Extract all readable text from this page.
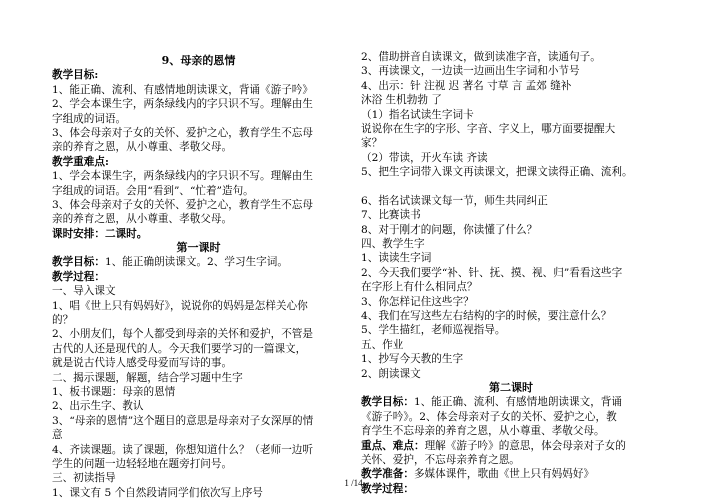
9、母亲的恩情
教学目标:
1、能正确、流利、有感情地朗读课文，背诵《游子吟》
2、学会本课生字，两条绿线内的字只识不写。理解由生
字组成的词语。
3、体会母亲对子女的关怀、爱护之心，教育学生不忘母
亲的养育之恩，从小尊重、孝敬父母。
教学重难点:
1、学会本课生字，两条绿线内的字只识不写。理解由生
字组成的词语。会用“看到”、“忙着”造句。
3、体会母亲对子女的关怀、爱护之心，教育学生不忘母
亲的养育之恩，从小尊重、孝敬父母。
课时安排：二课时。
第一课时
教学目标：1、能正确朗读课文。2、学习生字词。
教学过程：
一、导入课文
1、唱《世上只有妈妈好》，说说你的妈妈是怎样关心你
的？
2、小朋友们，每个人都受到母亲的关怀和爱护，不管是
古代的人还是现代的人。今天我们要学习的一篇课文，
就是说古代诗人感受母爱而写诗的事。
二、揭示课题，解题，结合学习题中生字
1、板书课题：母亲的恩情
2、出示生字、教认
3、“母亲的恩情”这个题目的意思是母亲对子女深厚的情
意
4、齐读课题。读了课题，你想知道什么？（老师一边听
学生的问题一边轻轻地在题旁打问号。
三、初读指导
1、课文有 5 个自然段请同学们依次写上序号
2、借助拼音自读课文，做到读准字音，读通句子。
3、再读课文，一边读一边画出生字词和小节号
4、出示：针 注视 迟 著名 寸草 言 孟郊 缝补
沐浴 生机勃勃 了
（1）指名试读生字词卡
说说你在生字的字形、字音、字义上，哪方面要提醒大
家？
（2）带读，开火车读 齐读
5、把生字词带入课文再读课文，把课文读得正确、流利。
6、指名试读课文每一节，师生共同纠正
7、比赛读书
8、对于刚才的问题，你读懂了什么？
四、教学生字
1、读读生字词
2、今天我们要学“补、针、抚、摸、视、归”看看这些字
在字形上有什么相同点？
3、你怎样记住这些字？
4、我们在写这些左右结构的字的时候，要注意什么？
5、学生描红，老师巡视指导。
五、作业
1、抄写今天教的生字
2、朗读课文
第二课时
教学目标：1、能正确、流利、有感情地朗读课文，背诵
《游子吟》。2、体会母亲对子女的关怀、爱护之心，教
育学生不忘母亲的养育之恩，从小尊重、孝敬父母。
重点、难点：理解《游子吟》的意思，体会母亲对子女的
关怀、爱护，不忘母亲养育之恩。
教学准备：多媒体课件，歌曲《世上只有妈妈好》
教学过程：
1 /14
